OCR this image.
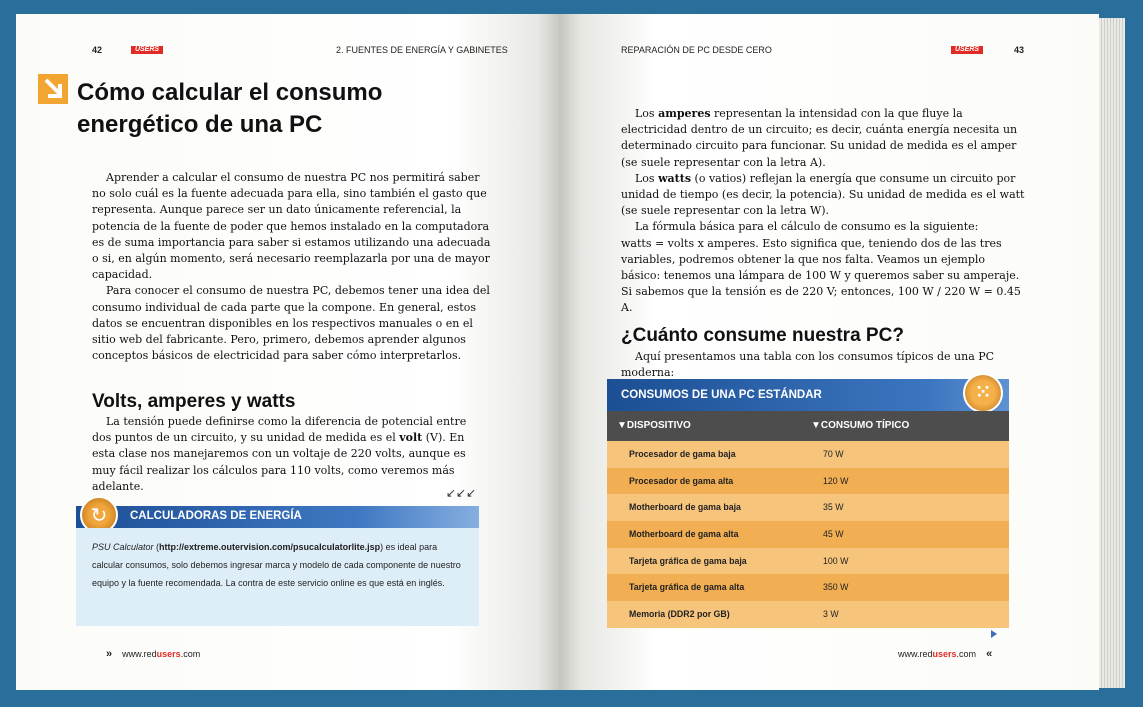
42	USERS	2. FUENTES DE ENERGÍA Y GABINETES
Cómo calcular el consumo
energético de una PC

Aprender a calcular el consumo de nuestra PC nos permitirá saber no solo cuál es la fuente adecuada para ella, sino también el gasto que representa. Aunque parece ser un dato únicamente referencial, la potencia de la fuente de poder que hemos instalado en la computadora es de suma importancia para saber si estamos utilizando una adecuada o si, en algún momento, será necesario reemplazarla por una de mayor capacidad.

Para conocer el consumo de nuestra PC, debemos tener una idea del consumo individual de cada parte que la compone. En general, estos datos se encuentran disponibles en los respectivos manuales o en el sitio web del fabricante. Pero, primero, debemos aprender algunos conceptos básicos de electricidad para saber cómo interpretarlos.

Volts, amperes y watts

La tensión puede definirse como la diferencia de potencial entre dos puntos de un circuito, y su unidad de medida es el volt (V). En esta clase nos manejaremos con un voltaje de 220 volts, aunque es muy fácil realizar los cálculos para 110 volts, como veremos más adelante.	↙↙↙
↻	CALCULADORAS DE ENERGÍA
PSU Calculator (http://extreme.outervision.com/psucalculatorlite.jsp) es ideal para calcular consumos, solo debemos ingresar marca y modelo de cada componente de nuestro equipo y la fuente recomendada. La contra de este servicio online es que está en inglés.
» www.redusers.com
REPARACIÓN DE PC DESDE CERO	USERS	43

Los amperes representan la intensidad con la que fluye la electricidad dentro de un circuito; es decir, cuánta energía necesita un determinado circuito para funcionar. Su unidad de medida es el amper (se suele representar con la letra A).

Los watts (o vatios) reflejan la energía que consume un circuito por unidad de tiempo (es decir, la potencia). Su unidad de medida es el watt (se suele representar con la letra W).

La fórmula básica para el cálculo de consumo es la siguiente:

watts = volts x amperes. Esto significa que, teniendo dos de las tres variables, podremos obtener la que nos falta. Veamos un ejemplo básico: tenemos una lámpara de 100 W y queremos saber su amperaje. Si sabemos que la tensión es de 220 V; entonces, 100 W / 220 W = 0.45 A.

¿Cuánto consume nuestra PC?

Aquí presentamos una tabla con los consumos típicos de una PC moderna:

CONSUMOS DE UNA PC ESTÁNDAR	⁙
▼DISPOSITIVO	▼CONSUMO TÍPICO
Procesador de gama baja	70 W
Procesador de gama alta	120 W
Motherboard de gama baja	35 W
Motherboard de gama alta	45 W
Tarjeta gráfica de gama baja	100 W
Tarjeta gráfica de gama alta	350 W
Memoria (DDR2 por GB)	3 W
www.redusers.com «
